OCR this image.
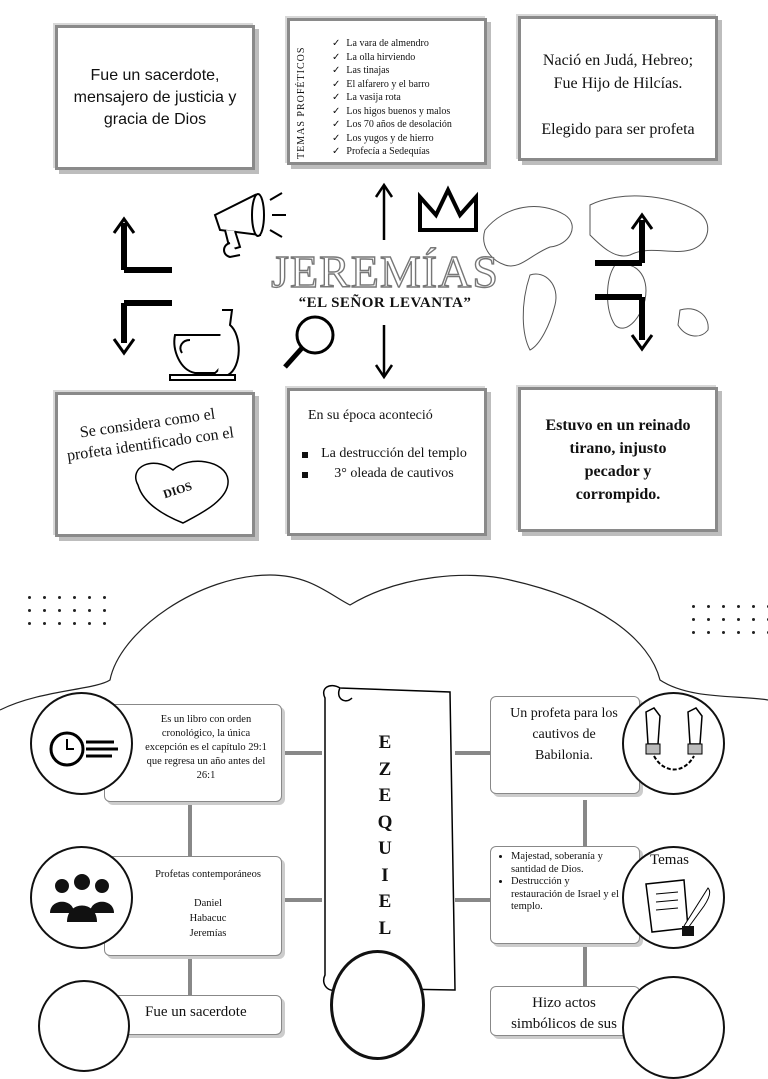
Fue un sacerdote, mensajero de justicia y gracia de Dios	TEMAS PROFÉTICOS
✓ La vara de almendro
✓ La olla hirviendo
✓ Las tinajas
✓ El alfarero y el barro
✓ La vasija rota
✓ Los higos buenos y malos
✓ Los 70 años de desolación
✓ Los yugos y de hierro
✓ Profecía a Sedequías
Nació en Judá, Hebreo;
Fue Hijo de Hilcías.
Elegido para ser profeta
JEREMÍAS
“EL SEÑOR LEVANTA”
Se considera como el profeta identificado con el
DIOS
En su época aconteció
La destrucción del templo
3° oleada de cautivos
Estuvo en un reinado tirano, injusto pecador y corrompido.
E
Z
E
Q
U
I
E
L
Es un libro con orden cronológico, la única excepción es el capítulo 29:1 que regresa un año antes del 26:1
Profetas contemporáneos
Daniel
Habacuc
Jeremías
Fue un sacerdote
Un profeta para los cautivos de Babilonia.
• Majestad, soberanía y santidad de Dios.
• Destrucción y restauración de Israel y el templo.
Temas
Hizo actos simbólicos de sus
